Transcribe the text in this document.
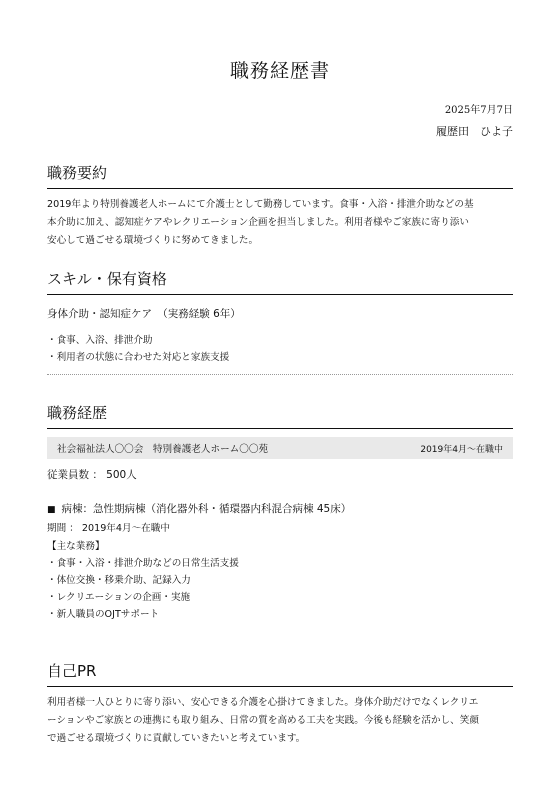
職務経歴書
2025年7月7日
履歴田　ひよ子
職務要約

2019年より特別養護老人ホームにて介護士として勤務しています。食事・入浴・排泄介助などの基
本介助に加え、認知症ケアやレクリエーション企画を担当しました。利用者様やご家族に寄り添い
安心して過ごせる環境づくりに努めてきました。

スキル・保有資格
身体介助・認知症ケア　（実務経験 6年）
・食事、入浴、排泄介助
・利用者の状態に合わせた対応と家族支援
職務経歴
社会福祉法人〇〇会　特別養護老人ホーム〇〇苑	2019年4月～在職中
従業員数 ： 500人
■ 病棟：急性期病棟（消化器外科・循環器内科混合病棟 45床）
期間 ： 2019年4月～在職中
【主な業務】
・食事・入浴・排泄介助などの日常生活支援
・体位交換・移乗介助、記録入力
・レクリエーションの企画・実施
・新人職員のOJTサポート
自己PR

利用者様一人ひとりに寄り添い、安心できる介護を心掛けてきました。身体介助だけでなくレクリエ
ーションやご家族との連携にも取り組み、日常の質を高める工夫を実践。今後も経験を活かし、笑顔
で過ごせる環境づくりに貢献していきたいと考えています。
